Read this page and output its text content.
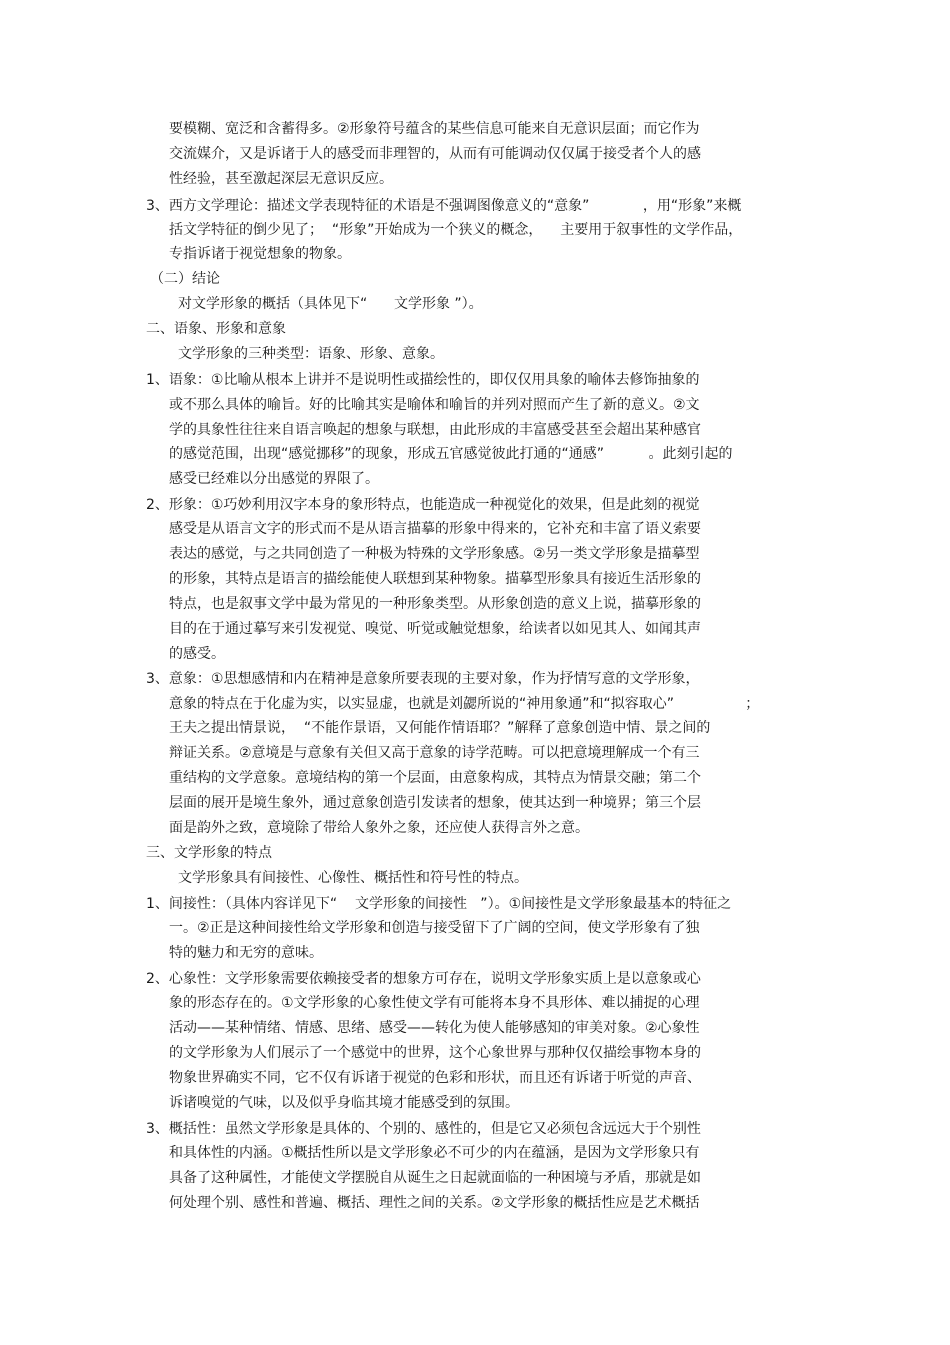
要模糊、宽泛和含蓄得多。②形象符号蕴含的某些信息可能来自无意识层面；而它作为
交流媒介，又是诉诸于人的感受而非理智的，从而有可能调动仅仅属于接受者个人的感
性经验，甚至激起深层无意识反应。
3、西方文学理论：描述文学表现特征的术语是不强调图像意义的“意象”            ，用“形象”来概
括文学特征的倒少见了；  “形象”开始成为一个狭义的概念，    主要用于叙事性的文学作品，
专指诉诸于视觉想象的物象。
（二）结论
对文学形象的概括（具体见下“      文学形象 ”）。
二、语象、形象和意象
文学形象的三种类型：语象、形象、意象。
1、语象：①比喻从根本上讲并不是说明性或描绘性的，即仅仅用具象的喻体去修饰抽象的
或不那么具体的喻旨。好的比喻其实是喻体和喻旨的并列对照而产生了新的意义。②文
学的具象性往往来自语言唤起的想象与联想，由此形成的丰富感受甚至会超出某种感官
的感觉范围，出现“感觉挪移”的现象，形成五官感觉彼此打通的“通感”          。此刻引起的
感受已经难以分出感觉的界限了。
2、形象：①巧妙利用汉字本身的象形特点，也能造成一种视觉化的效果，但是此刻的视觉
感受是从语言文字的形式而不是从语言描摹的形象中得来的，它补充和丰富了语义索要
表达的感觉，与之共同创造了一种极为特殊的文学形象感。②另一类文学形象是描摹型
的形象，其特点是语言的描绘能使人联想到某种物象。描摹型形象具有接近生活形象的
特点，也是叙事文学中最为常见的一种形象类型。从形象创造的意义上说，描摹形象的
目的在于通过摹写来引发视觉、嗅觉、听觉或触觉想象，给读者以如见其人、如闻其声
的感受。
3、意象：①思想感情和内在精神是意象所要表现的主要对象，作为抒情写意的文学形象，
意象的特点在于化虚为实，以实显虚，也就是刘勰所说的“神用象通”和“拟容取心”                ；
王夫之提出情景说，  “不能作景语，又何能作情语耶？”解释了意象创造中情、景之间的
辩证关系。②意境是与意象有关但又高于意象的诗学范畴。可以把意境理解成一个有三
重结构的文学意象。意境结构的第一个层面，由意象构成，其特点为情景交融；第二个
层面的展开是境生象外，通过意象创造引发读者的想象，使其达到一种境界；第三个层
面是韵外之致，意境除了带给人象外之象，还应使人获得言外之意。
三、文学形象的特点
文学形象具有间接性、心像性、概括性和符号性的特点。
1、间接性：（具体内容详见下“    文学形象的间接性   ”）。①间接性是文学形象最基本的特征之
一。②正是这种间接性给文学形象和创造与接受留下了广阔的空间，使文学形象有了独
特的魅力和无穷的意味。
2、心象性：文学形象需要依赖接受者的想象方可存在，说明文学形象实质上是以意象或心
象的形态存在的。①文学形象的心象性使文学有可能将本身不具形体、难以捕捉的心理
活动——某种情绪、情感、思绪、感受——转化为使人能够感知的审美对象。②心象性
的文学形象为人们展示了一个感觉中的世界，这个心象世界与那种仅仅描绘事物本身的
物象世界确实不同，它不仅有诉诸于视觉的色彩和形状，而且还有诉诸于听觉的声音、
诉诸嗅觉的气味，以及似乎身临其境才能感受到的氛围。
3、概括性：虽然文学形象是具体的、个别的、感性的，但是它又必须包含远远大于个别性
和具体性的内涵。①概括性所以是文学形象必不可少的内在蕴涵，是因为文学形象只有
具备了这种属性，才能使文学摆脱自从诞生之日起就面临的一种困境与矛盾，那就是如
何处理个别、感性和普遍、概括、理性之间的关系。②文学形象的概括性应是艺术概括
